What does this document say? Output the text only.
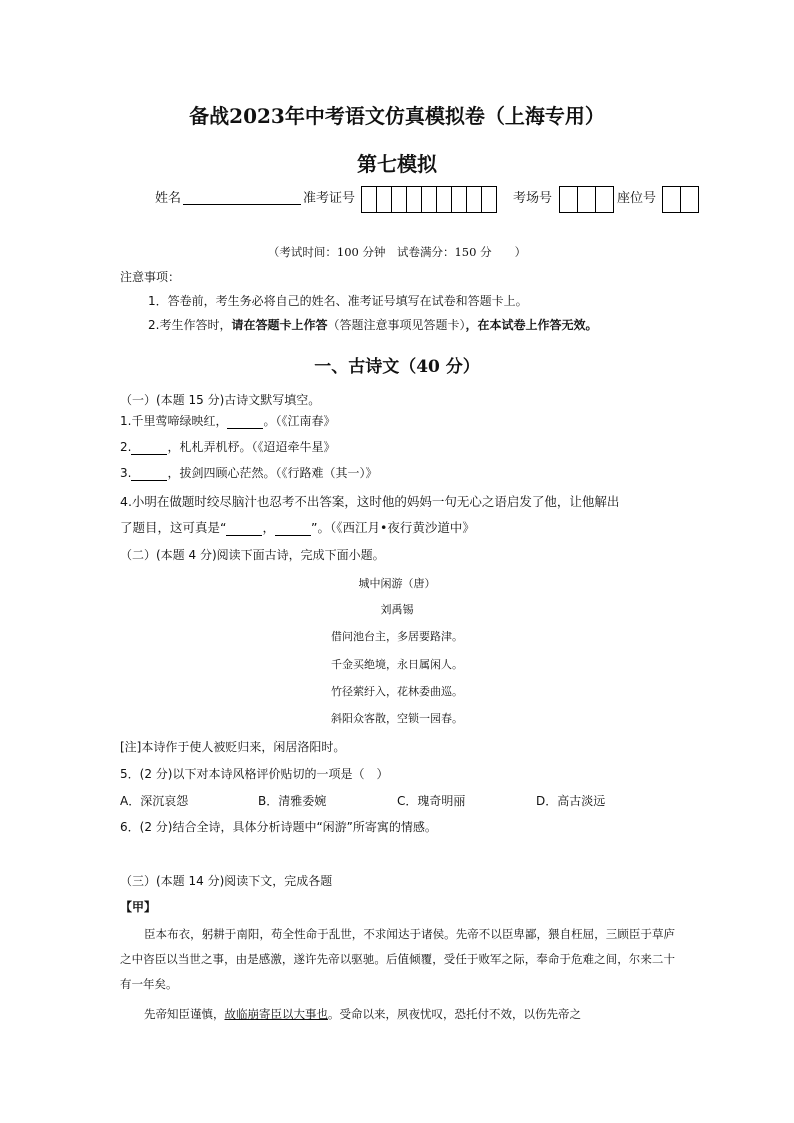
备战2023年中考语文仿真模拟卷（上海专用）
第七模拟
姓名	准考证号	考场号	座位号
（考试时间：100 分钟　试卷满分：150 分　　）
注意事项：
1．答卷前，考生务必将自己的姓名、准考证号填写在试卷和答题卡上。
2.考生作答时，请在答题卡上作答（答题注意事项见答题卡），在本试卷上作答无效。
一、古诗文（40 分）
（一）(本题 15 分)古诗文默写填空。
1.千里莺啼绿映红，	。（《江南春》
2.	，札札弄机杼。（《迢迢牵牛星》
3.	，拔剑四顾心茫然。（《行路难（其一）》
4.小明在做题时绞尽脑汁也忍考不出答案，这时他的妈妈一句无心之语启发了他，让他解出
了题目，这可真是“	，	”。（《西江月•夜行黄沙道中》
（二）(本题 4 分)阅读下面古诗，完成下面小题。
城中闲游（唐）
刘禹锡
借问池台主，多居要路津。
千金买绝境，永日属闲人。
竹径萦纡入，花林委曲巡。
斜阳众客散，空锁一园春。
[注]本诗作于使人被贬归来，闲居洛阳时。
5．(2 分)以下对本诗风格评价贴切的一项是（　）
A．深沉哀怨	B．清雅委婉	C．瑰奇明丽	D．高古淡远
6．(2 分)结合全诗，具体分析诗题中“闲游”所寄寓的情感。
（三）(本题 14 分)阅读下文，完成各题
【甲】
臣本布衣，躬耕于南阳，苟全性命于乱世，不求闻达于诸侯。先帝不以臣卑鄙，猥自枉屈，三顾臣于草庐之中咨臣以当世之事，由是感激，遂许先帝以驱驰。后值倾覆，受任于败军之际，奉命于危难之间，尔来二十有一年矣。
先帝知臣谨慎，故临崩寄臣以大事也。受命以来，夙夜忧叹，恐托付不效，以伤先帝之
